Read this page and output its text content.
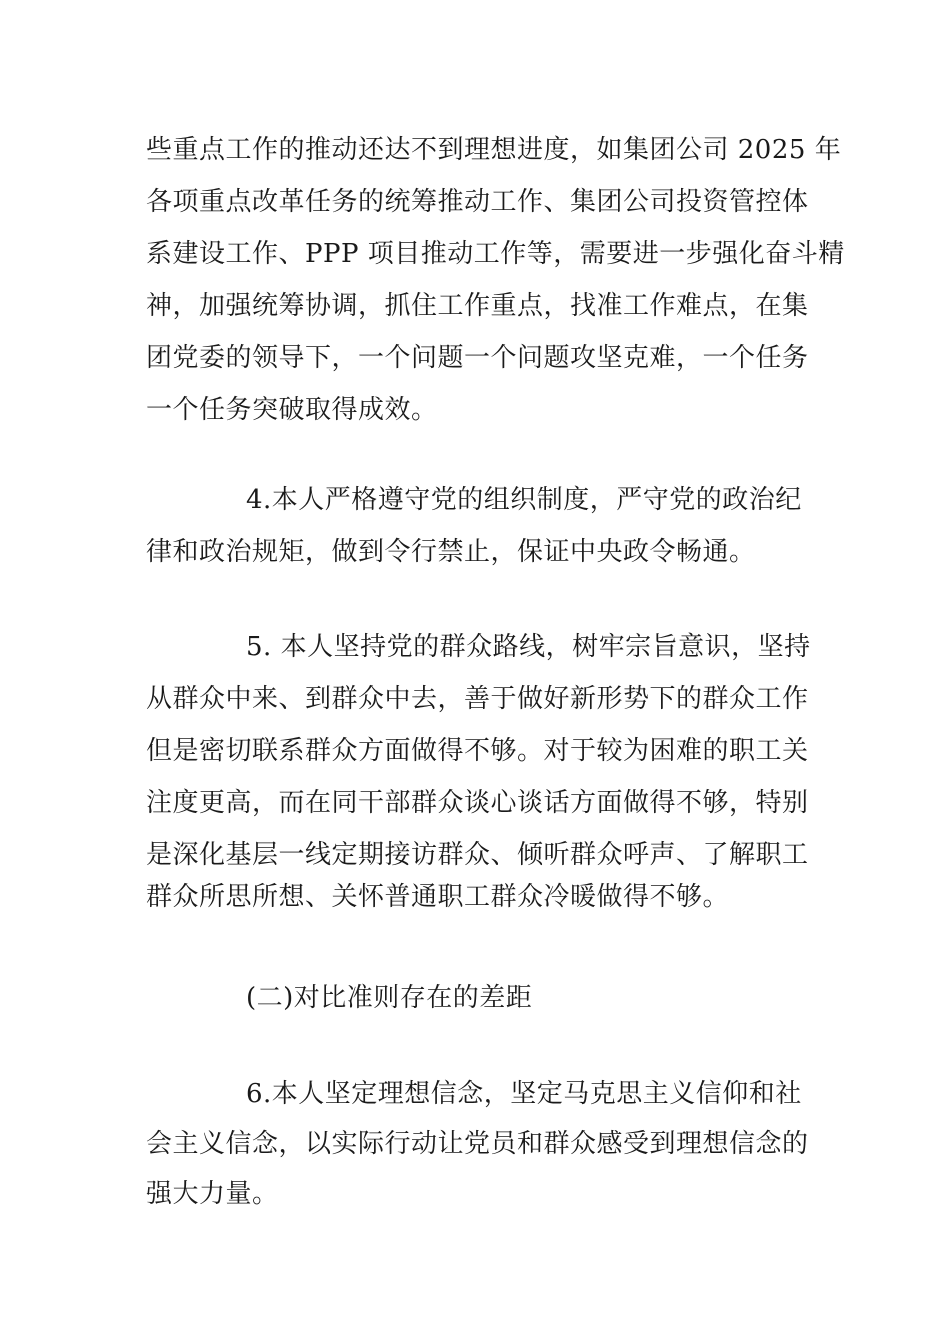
些重点工作的推动还达不到理想进度，如集团公司 2025 年
各项重点改革任务的统筹推动工作、集团公司投资管控体
系建设工作、PPP 项目推动工作等，需要进一步强化奋斗精
神，加强统筹协调，抓住工作重点，找准工作难点，在集
团党委的领导下，一个问题一个问题攻坚克难，一个任务
一个任务突破取得成效。
4.本人严格遵守党的组织制度，严守党的政治纪
律和政治规矩，做到令行禁止，保证中央政令畅通。
5. 本人坚持党的群众路线，树牢宗旨意识，坚持
从群众中来、到群众中去，善于做好新形势下的群众工作
但是密切联系群众方面做得不够。对于较为困难的职工关
注度更高，而在同干部群众谈心谈话方面做得不够，特别
是深化基层一线定期接访群众、倾听群众呼声、了解职工
群众所思所想、关怀普通职工群众冷暖做得不够。
(二)对比准则存在的差距
6.本人坚定理想信念，坚定马克思主义信仰和社
会主义信念，以实际行动让党员和群众感受到理想信念的
强大力量。
